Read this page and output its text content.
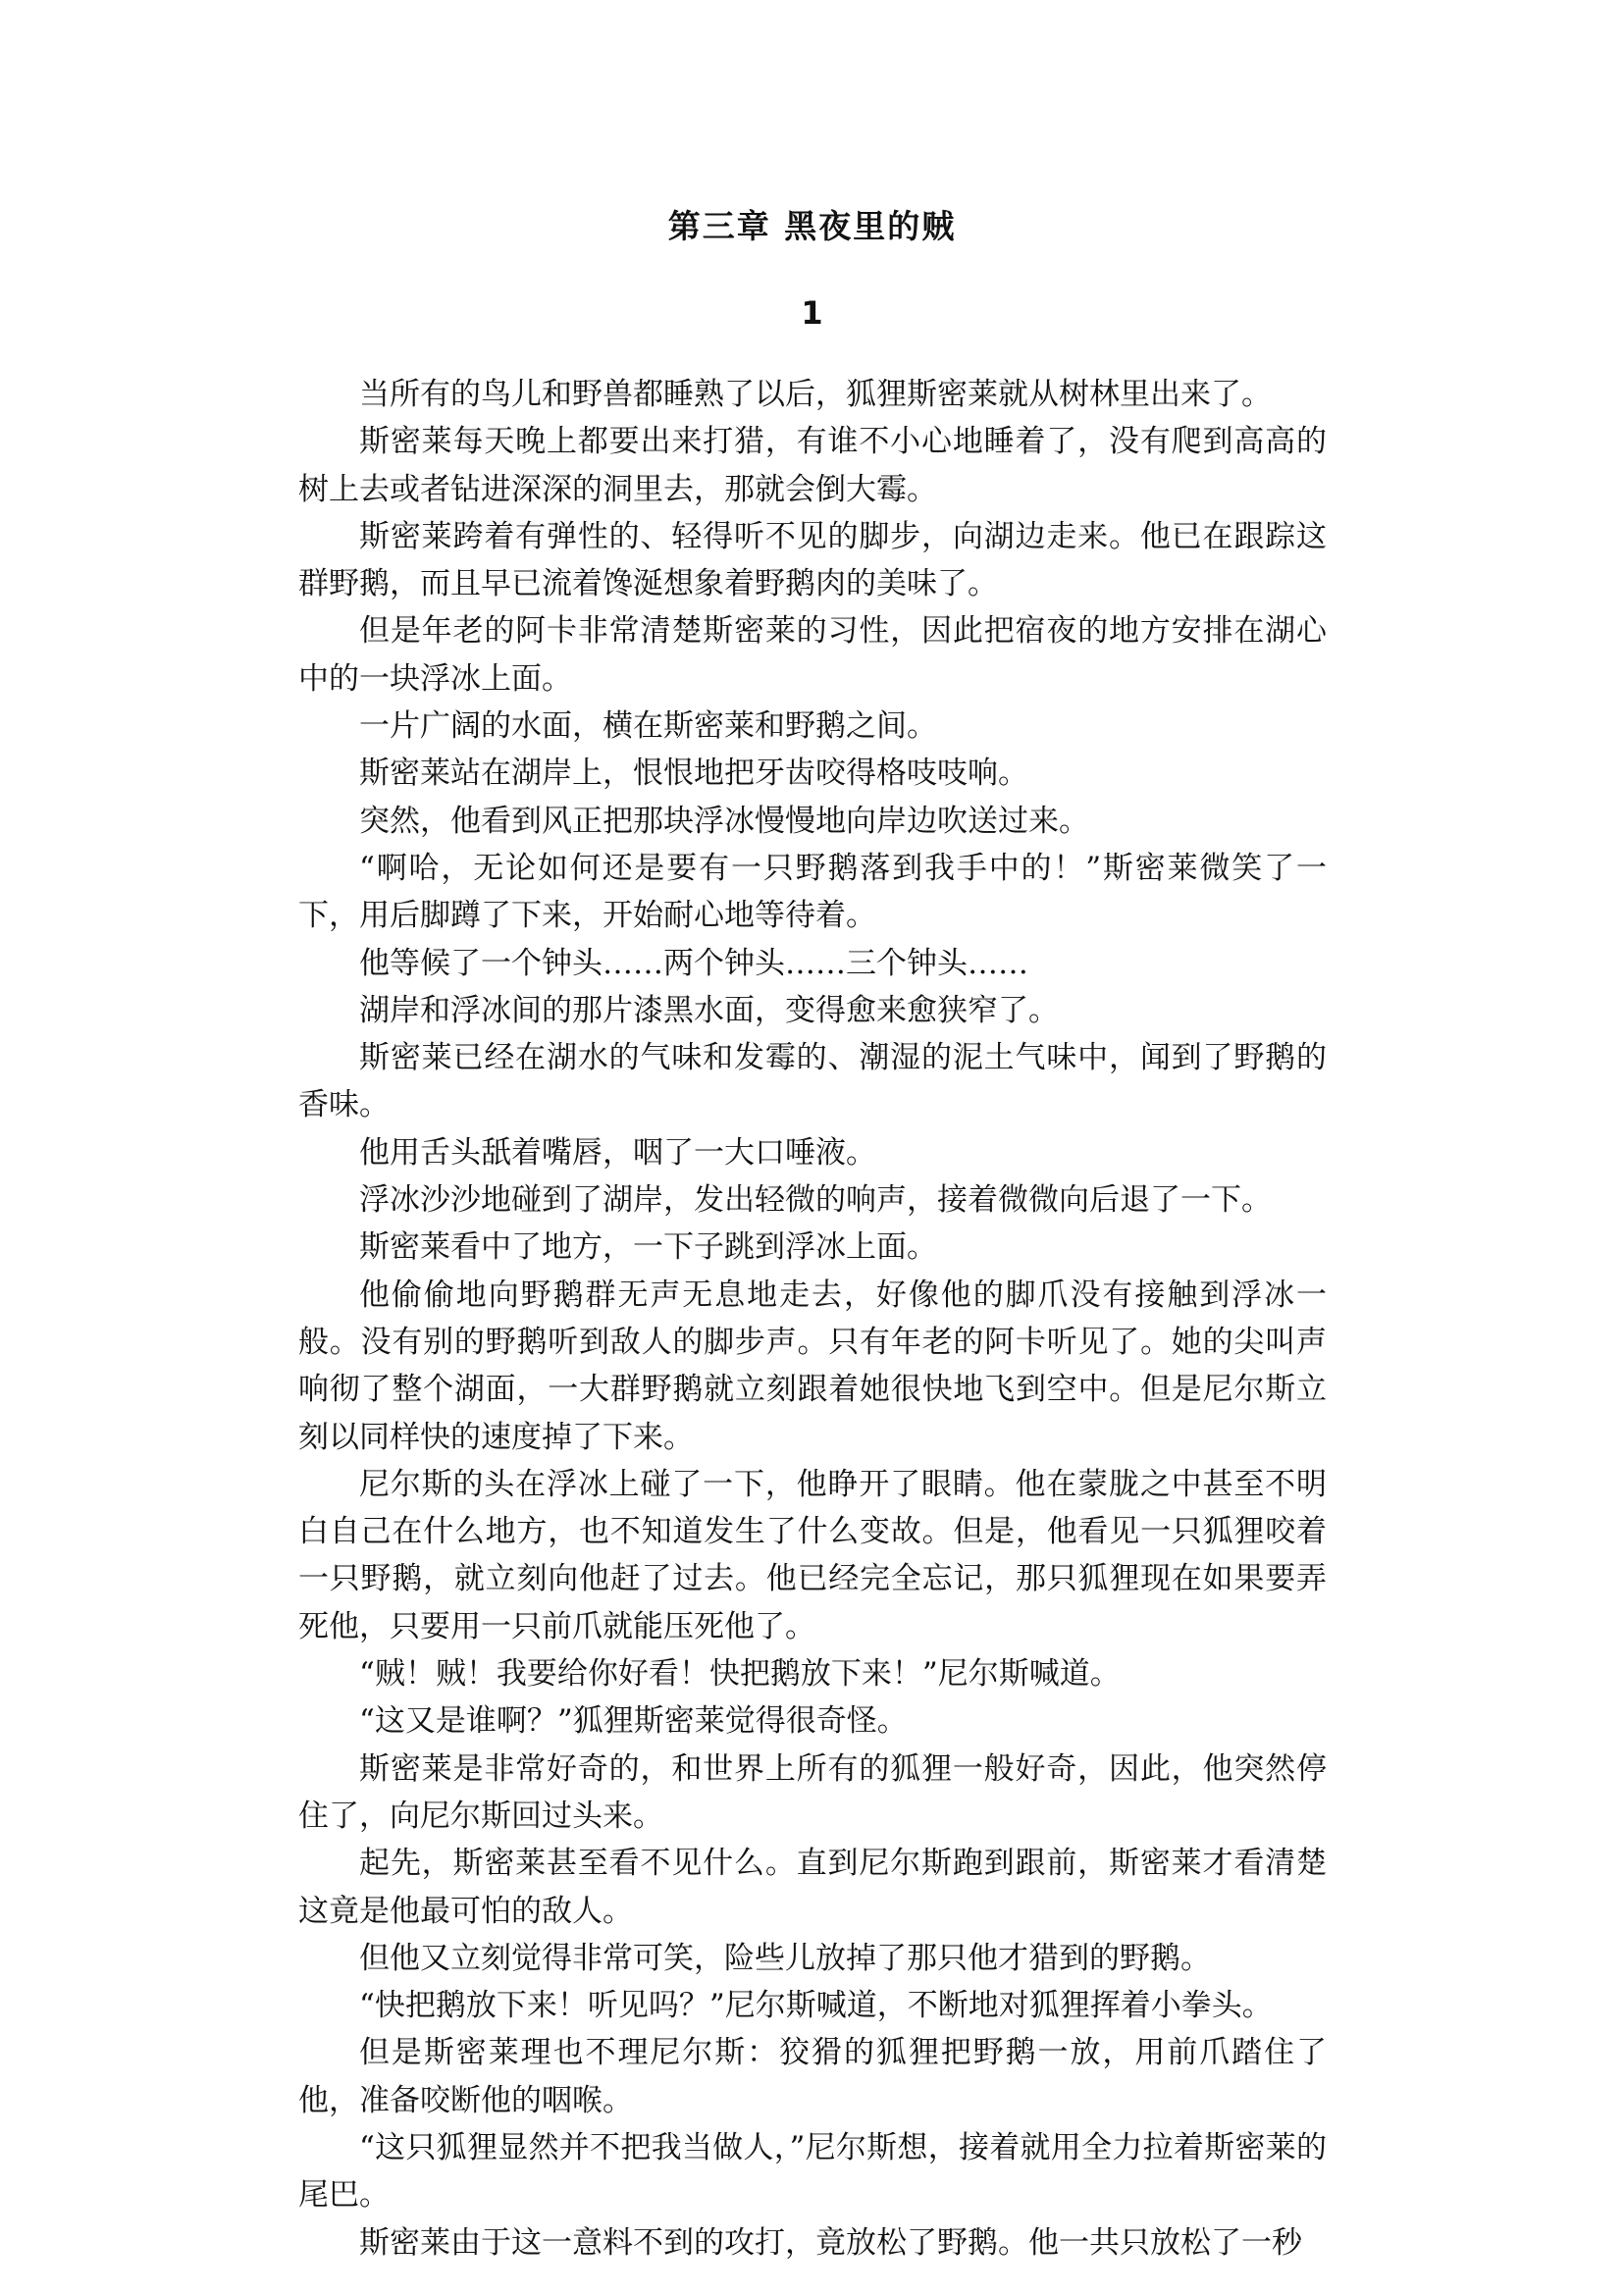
第三章 黑夜里的贼
1

当所有的鸟儿和野兽都睡熟了以后，狐狸斯密莱就从树林里出来了。

斯密莱每天晚上都要出来打猎，有谁不小心地睡着了，没有爬到高高的树上去或者钻进深深的洞里去，那就会倒大霉。

斯密莱跨着有弹性的、轻得听不见的脚步，向湖边走来。他已在跟踪这群野鹅，而且早已流着馋涎想象着野鹅肉的美味了。

但是年老的阿卡非常清楚斯密莱的习性，因此把宿夜的地方安排在湖心中的一块浮冰上面。

一片广阔的水面，横在斯密莱和野鹅之间。

斯密莱站在湖岸上，恨恨地把牙齿咬得格吱吱响。

突然，他看到风正把那块浮冰慢慢地向岸边吹送过来。

“啊哈，无论如何还是要有一只野鹅落到我手中的！”斯密莱微笑了一下，用后脚蹲了下来，开始耐心地等待着。

他等候了一个钟头……两个钟头……三个钟头……

湖岸和浮冰间的那片漆黑水面，变得愈来愈狭窄了。

斯密莱已经在湖水的气味和发霉的、潮湿的泥土气味中，闻到了野鹅的香味。

他用舌头舐着嘴唇，咽了一大口唾液。

浮冰沙沙地碰到了湖岸，发出轻微的响声，接着微微向后退了一下。

斯密莱看中了地方，一下子跳到浮冰上面。

他偷偷地向野鹅群无声无息地走去，好像他的脚爪没有接触到浮冰一般。没有别的野鹅听到敌人的脚步声。只有年老的阿卡听见了。她的尖叫声响彻了整个湖面，一大群野鹅就立刻跟着她很快地飞到空中。但是尼尔斯立刻以同样快的速度掉了下来。

尼尔斯的头在浮冰上碰了一下，他睁开了眼睛。他在蒙胧之中甚至不明白自己在什么地方，也不知道发生了什么变故。但是，他看见一只狐狸咬着一只野鹅，就立刻向他赶了过去。他已经完全忘记，那只狐狸现在如果要弄死他，只要用一只前爪就能压死他了。

“贼！贼！我要给你好看！快把鹅放下来！”尼尔斯喊道。

“这又是谁啊？”狐狸斯密莱觉得很奇怪。

斯密莱是非常好奇的，和世界上所有的狐狸一般好奇，因此，他突然停住了，向尼尔斯回过头来。

起先，斯密莱甚至看不见什么。直到尼尔斯跑到跟前，斯密莱才看清楚这竟是他最可怕的敌人。

但他又立刻觉得非常可笑，险些儿放掉了那只他才猎到的野鹅。

“快把鹅放下来！听见吗？”尼尔斯喊道，不断地对狐狸挥着小拳头。

但是斯密莱理也不理尼尔斯：狡猾的狐狸把野鹅一放，用前爪踏住了他，准备咬断他的咽喉。

“这只狐狸显然并不把我当做人，”尼尔斯想，接着就用全力拉着斯密莱的尾巴。

斯密莱由于这一意料不到的攻打，竟放松了野鹅。他一共只放松了一秒
